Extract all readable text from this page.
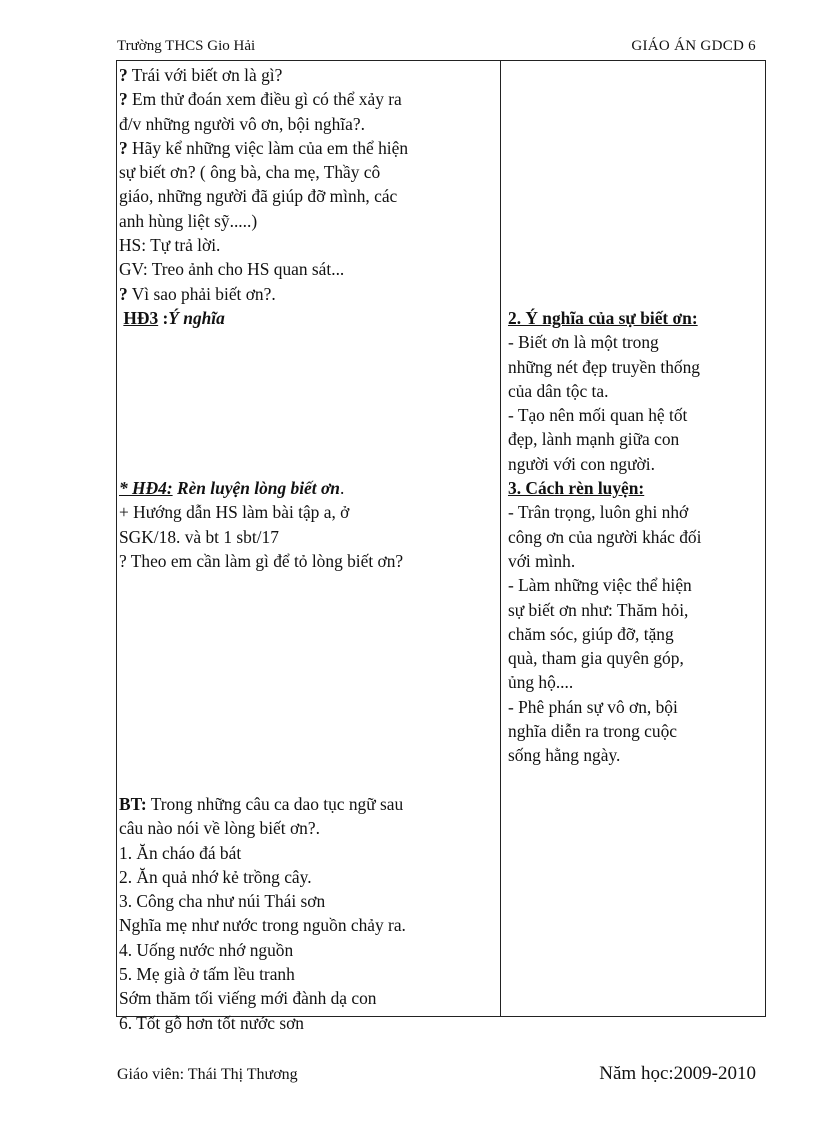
Trường THCS Gio Hải	GIÁO ÁN GDCD 6
? Trái với biết ơn là gì?
? Em thử đoán xem điều gì có thể xảy ra
đ/v những người vô ơn, bội nghĩa?.
? Hãy kể những việc làm của em thể hiện
sự biết ơn? ( ông bà, cha mẹ, Thầy cô
giáo, những người đã giúp đỡ mình, các
anh hùng liệt sỹ.....)
HS: Tự trả lời.
GV: Treo ảnh cho HS quan sát...
? Vì sao phải biết ơn?.
HĐ3 :Ý nghĩa
* HĐ4: Rèn luyện lòng biết ơn.
+ Hướng dẫn HS làm bài tập a, ở
SGK/18. và bt 1 sbt/17
? Theo em cần làm gì để tỏ lòng biết ơn?
BT: Trong những câu ca dao tục ngữ sau
câu nào nói về lòng biết ơn?.
1. Ăn cháo đá bát
2. Ăn quả nhớ kẻ trồng cây.
3. Công cha như núi Thái sơn
Nghĩa mẹ như nước trong nguồn chảy ra.
4. Uống nước nhớ nguồn
5. Mẹ già ở tấm lều tranh
Sớm thăm tối viếng mới đành dạ con
6. Tốt gỗ hơn tốt nước sơn
2. Ý nghĩa của sự biết ơn:
- Biết ơn là một trong
những nét đẹp truyền thống
của dân tộc ta.
- Tạo nên mối quan hệ tốt
đẹp, lành mạnh giữa con
người với con người.
3. Cách rèn luyện:
- Trân trọng, luôn ghi nhớ
công ơn của người khác đối
với mình.
- Làm những việc thể hiện
sự biết ơn như: Thăm hỏi,
chăm sóc, giúp đỡ, tặng
quà, tham gia quyên góp,
ủng hộ....
- Phê phán sự vô ơn, bội
nghĩa diễn ra trong cuộc
sống hằng ngày.
Giáo viên: Thái Thị Thương	Năm học:2009-2010
